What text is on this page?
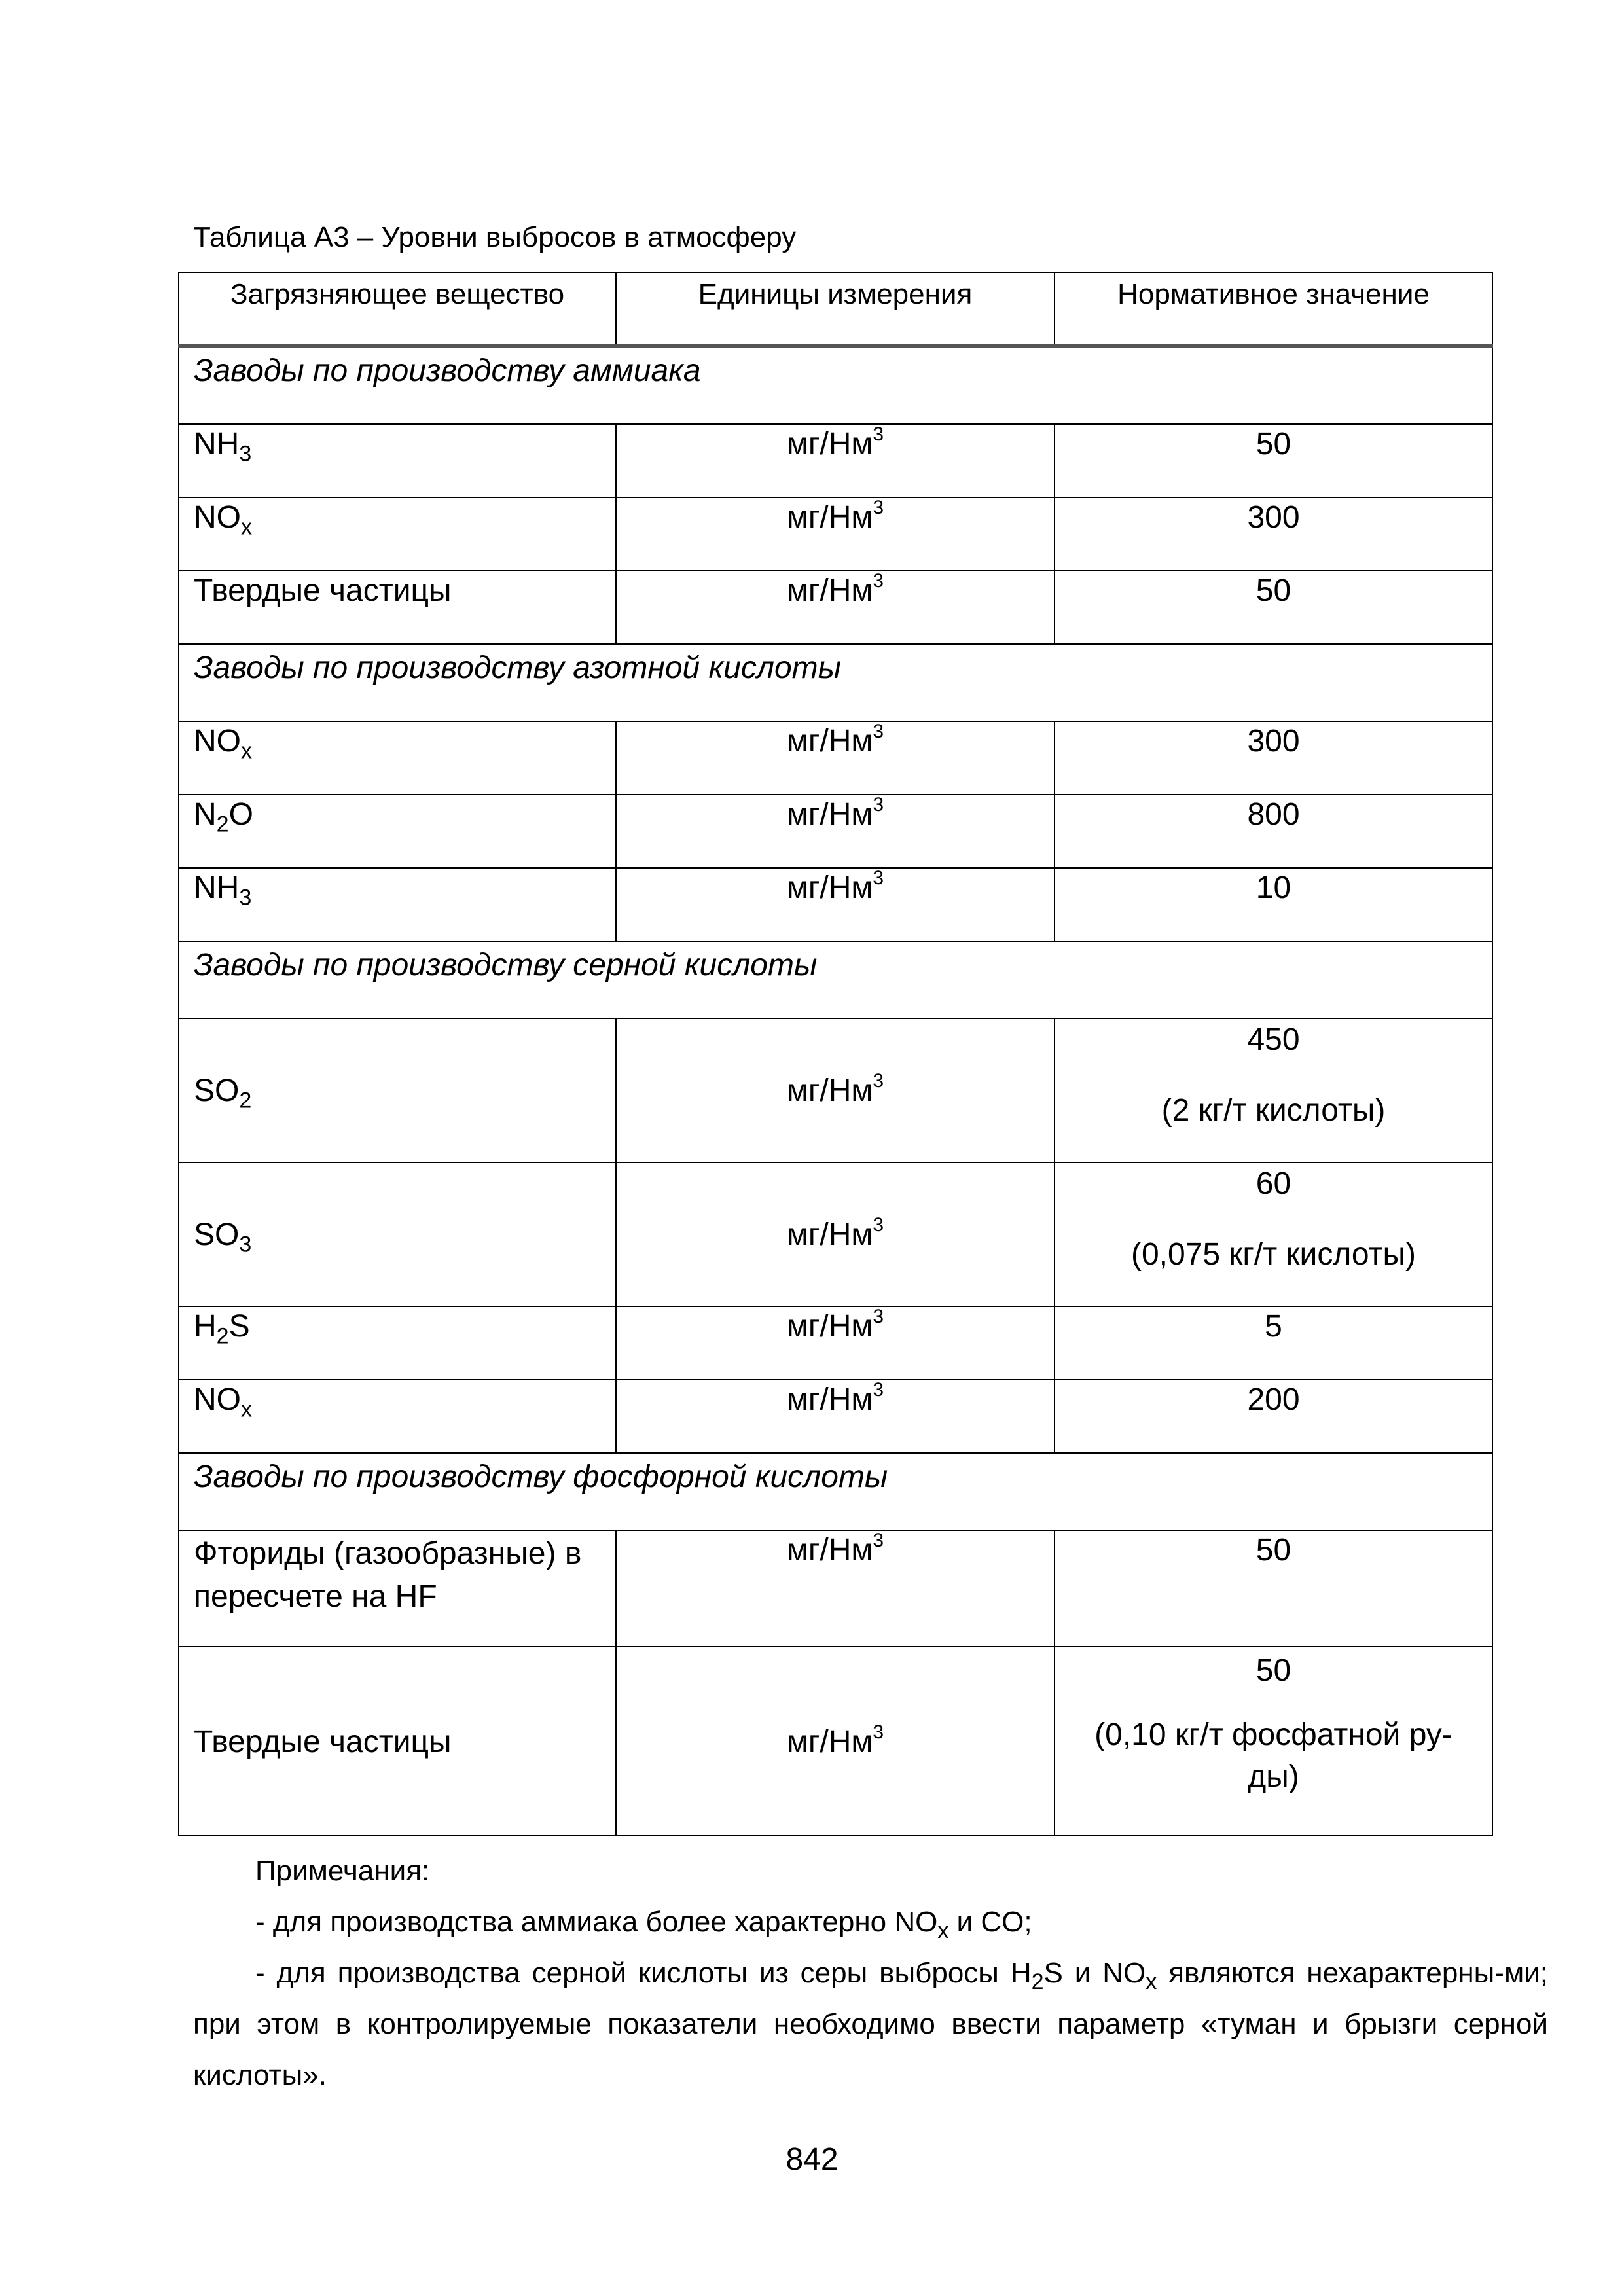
Таблица А3 – Уровни выбросов в атмосферу
Загрязняющее вещество	Единицы измерения	Нормативное значение
Заводы по производству аммиака		
$NH_3$	$мг/Нм^3$	50
$NO_x$	$мг/Нм^3$	300
Твердые частицы	$мг/Нм^3$	50
Заводы по производству азотной кислоты		
$NO_x$	$мг/Нм^3$	300
$N_2O$	$мг/Нм^3$	800
$NH_3$	$мг/Нм^3$	10
Заводы по производству серной кислоты		
$SO_2$	$мг/Нм^3$	450
(2 кг/т кислоты)

$SO_3$	$мг/Нм^3$	60
(0,075 кг/т кислоты)

$H_2S$	$мг/Нм^3$	5
$NO_x$	$мг/Нм^3$	200
Заводы по производству фосфорной кислоты		
Фториды (газообразные) в пересчете на HF	$мг/Нм^3$	50
Твердые частицы	$мг/Нм^3$	50
(0,10 кг/т фосфатной ру-ды)

Примечания:

- для производства аммиака более характерно $NO_x$ и CO;

- для производства серной кислоты из серы выбросы $H_2S$ и $NO_x$ являются нехарактерны-ми; при этом в контролируемые показатели необходимо ввести параметр «туман и брызги серной кислоты».

842
